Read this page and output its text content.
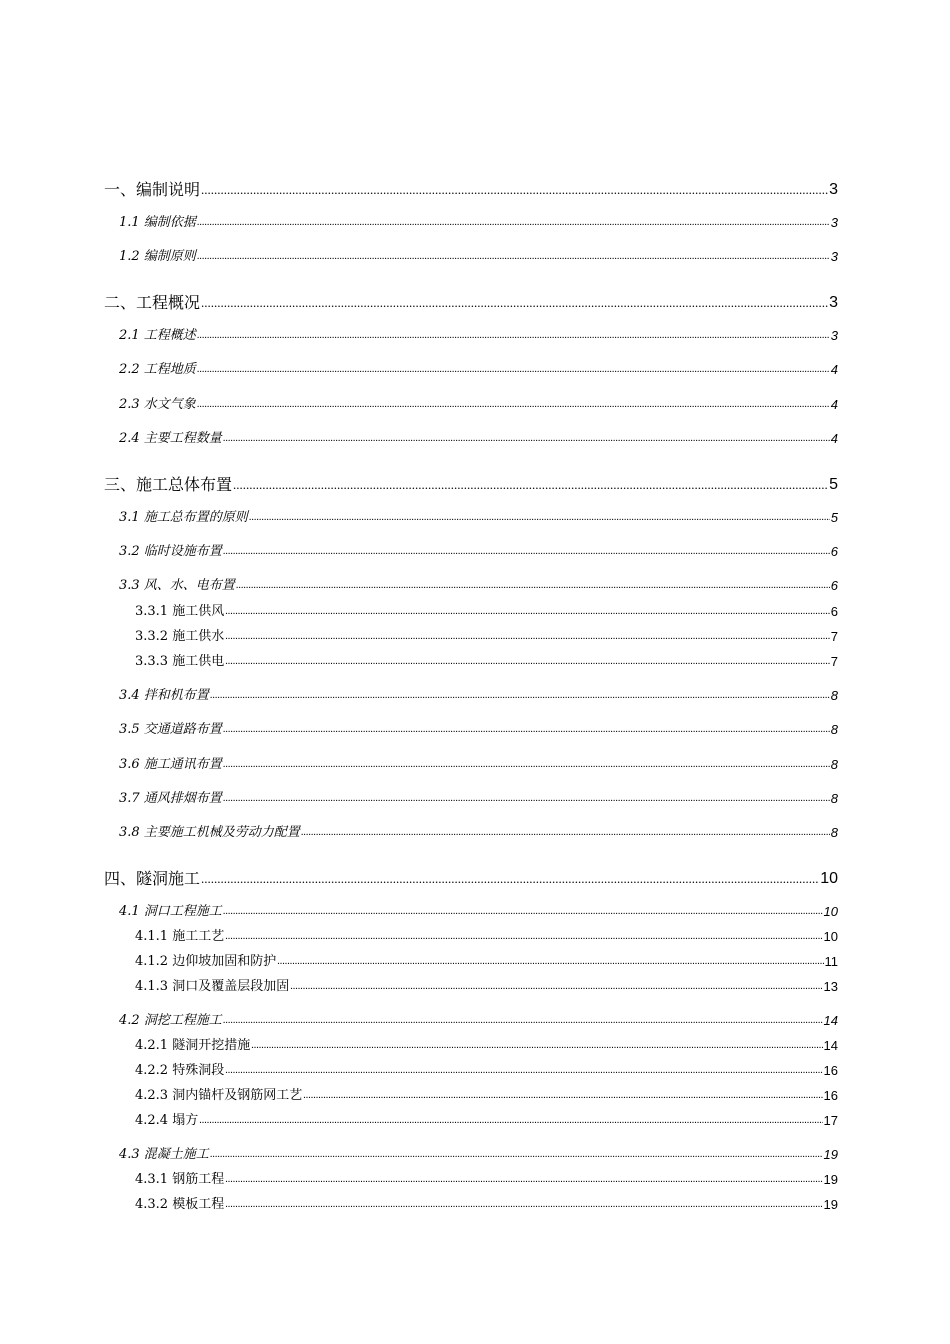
一、编制说明 .....	3
1.1 编制依据 .....	3
1.2 编制原则 .....	3
二、工程概况 .....	3
2.1 工程概述 .....	3
2.2 工程地质 .....	4
2.3 水文气象 .....	4
2.4 主要工程数量 .....	4
三、施工总体布置 .....	5
3.1 施工总布置的原则 .....	5
3.2 临时设施布置 .....	6
3.3 风、水、电布置 .....	6
3.3.1 施工供风 .....	6
3.3.2 施工供水 .....	7
3.3.3 施工供电 .....	7
3.4 拌和机布置 .....	8
3.5 交通道路布置 .....	8
3.6 施工通讯布置 .....	8
3.7 通风排烟布置 .....	8
3.8 主要施工机械及劳动力配置 .....	8
四、隧洞施工 .....	10
4.1 洞口工程施工 .....	10
4.1.1 施工工艺 .....	10
4.1.2 边仰坡加固和防护 .....	11
4.1.3 洞口及覆盖层段加固 .....	13
4.2 洞挖工程施工 .....	14
4.2.1 隧洞开挖措施 .....	14
4.2.2 特殊洞段 .....	16
4.2.3 洞内锚杆及钢筋网工艺 .....	16
4.2.4 塌方 .....	17
4.3 混凝土施工 .....	19
4.3.1 钢筋工程 .....	19
4.3.2 模板工程 .....	19
